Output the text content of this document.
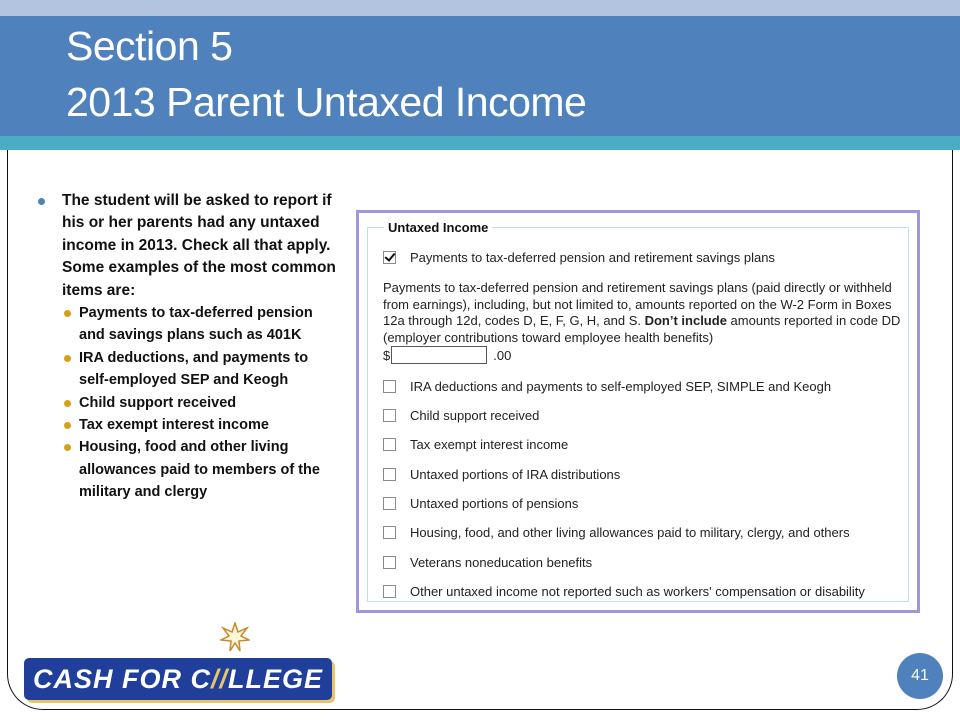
Section 5
2013 Parent Untaxed Income
The student will be asked to report if his or her parents had any untaxed income in 2013. Check all that apply. Some examples of the most common items are:
Payments to tax-deferred pension and savings plans such as 401K
IRA deductions, and payments to self-employed SEP and Keogh
Child support received
Tax exempt interest income
Housing, food and other living allowances paid to members of the military and clergy
Untaxed Income
Payments to tax-deferred pension and retirement savings plans
Payments to tax-deferred pension and retirement savings plans (paid directly or withheld from earnings), including, but not limited to, amounts reported on the W-2 Form in Boxes 12a through 12d, codes D, E, F, G, H, and S. Don’t include amounts reported in code DD (employer contributions toward employee health benefits)
$	.00
IRA deductions and payments to self-employed SEP, SIMPLE and Keogh
Child support received
Tax exempt interest income
Untaxed portions of IRA distributions
Untaxed portions of pensions
Housing, food, and other living allowances paid to military, clergy, and others
Veterans noneducation benefits
Other untaxed income not reported such as workers' compensation or disability
CASH FOR C//LLEGE	41
